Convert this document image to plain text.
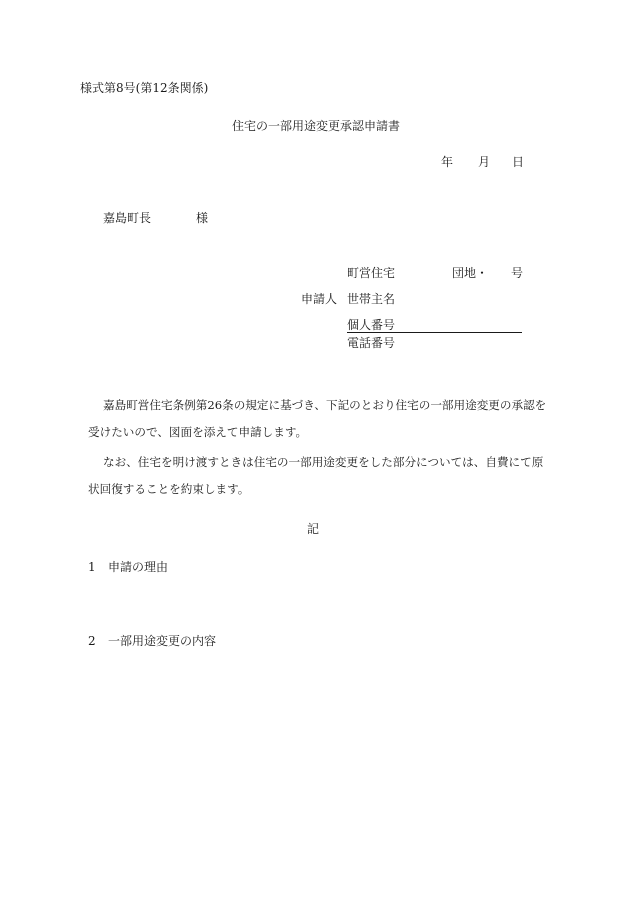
様式第8号(第12条関係)
住宅の一部用途変更承認申請書
年 月 日
嘉島町長	様
町営住宅	団地・ 号
申請人 世帯主名
個人番号
電話番号
嘉島町営住宅条例第26条の規定に基づき、下記のとおり住宅の一部用途変更の承認を
受けたいので、図面を添えて申請します。
なお、住宅を明け渡すときは住宅の一部用途変更をした部分については、自費にて原
状回復することを約束します。
記
1 申請の理由
2 一部用途変更の内容
